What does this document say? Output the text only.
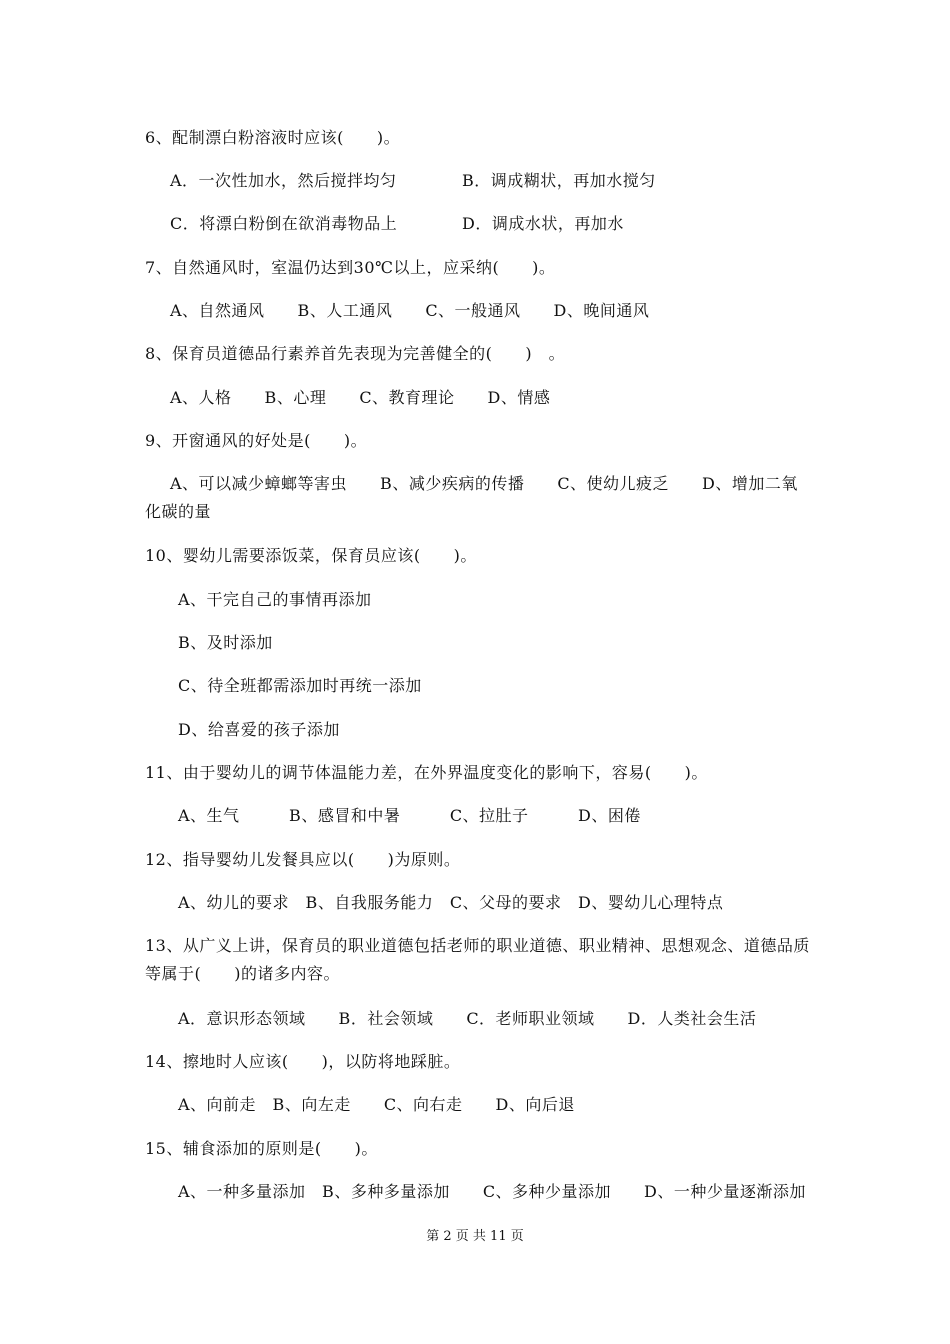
6、配制漂白粉溶液时应该(　　)。
A．一次性加水，然后搅拌均匀	B．调成糊状，再加水搅匀
C．将漂白粉倒在欲消毒物品上	D．调成水状，再加水
7、自然通风时，室温仍达到30℃以上，应采纳(　　)。
A、自然通风　　B、人工通风　　C、一般通风　　D、晚间通风
8、保育员道德品行素养首先表现为完善健全的(　　)　。
A、人格　　B、心理　　C、教育理论　　D、情感
9、开窗通风的好处是(　　)。
A、可以减少蟑螂等害虫　　B、减少疾病的传播　　C、使幼儿疲乏　　D、增加二氧化碳的量
10、婴幼儿需要添饭菜，保育员应该(　　)。
A、干完自己的事情再添加
B、及时添加
C、待全班都需添加时再统一添加
D、给喜爱的孩子添加
11、由于婴幼儿的调节体温能力差，在外界温度变化的影响下，容易(　　)。
A、生气　　　B、感冒和中暑　　　C、拉肚子　　　D、困倦
12、指导婴幼儿发餐具应以(　　)为原则。
A、幼儿的要求　B、自我服务能力　C、父母的要求　D、婴幼儿心理特点
13、从广义上讲，保育员的职业道德包括老师的职业道德、职业精神、思想观念、道德品质等属于(　　)的诸多内容。
A．意识形态领域　　B．社会领域　　C．老师职业领域　　D．人类社会生活
14、擦地时人应该(　　)，以防将地踩脏。
A、向前走　B、向左走　　C、向右走　　D、向后退
15、辅食添加的原则是(　　)。
A、一种多量添加　B、多种多量添加　　C、多种少量添加　　D、一种少量逐渐添加
第 2 页 共 11 页
